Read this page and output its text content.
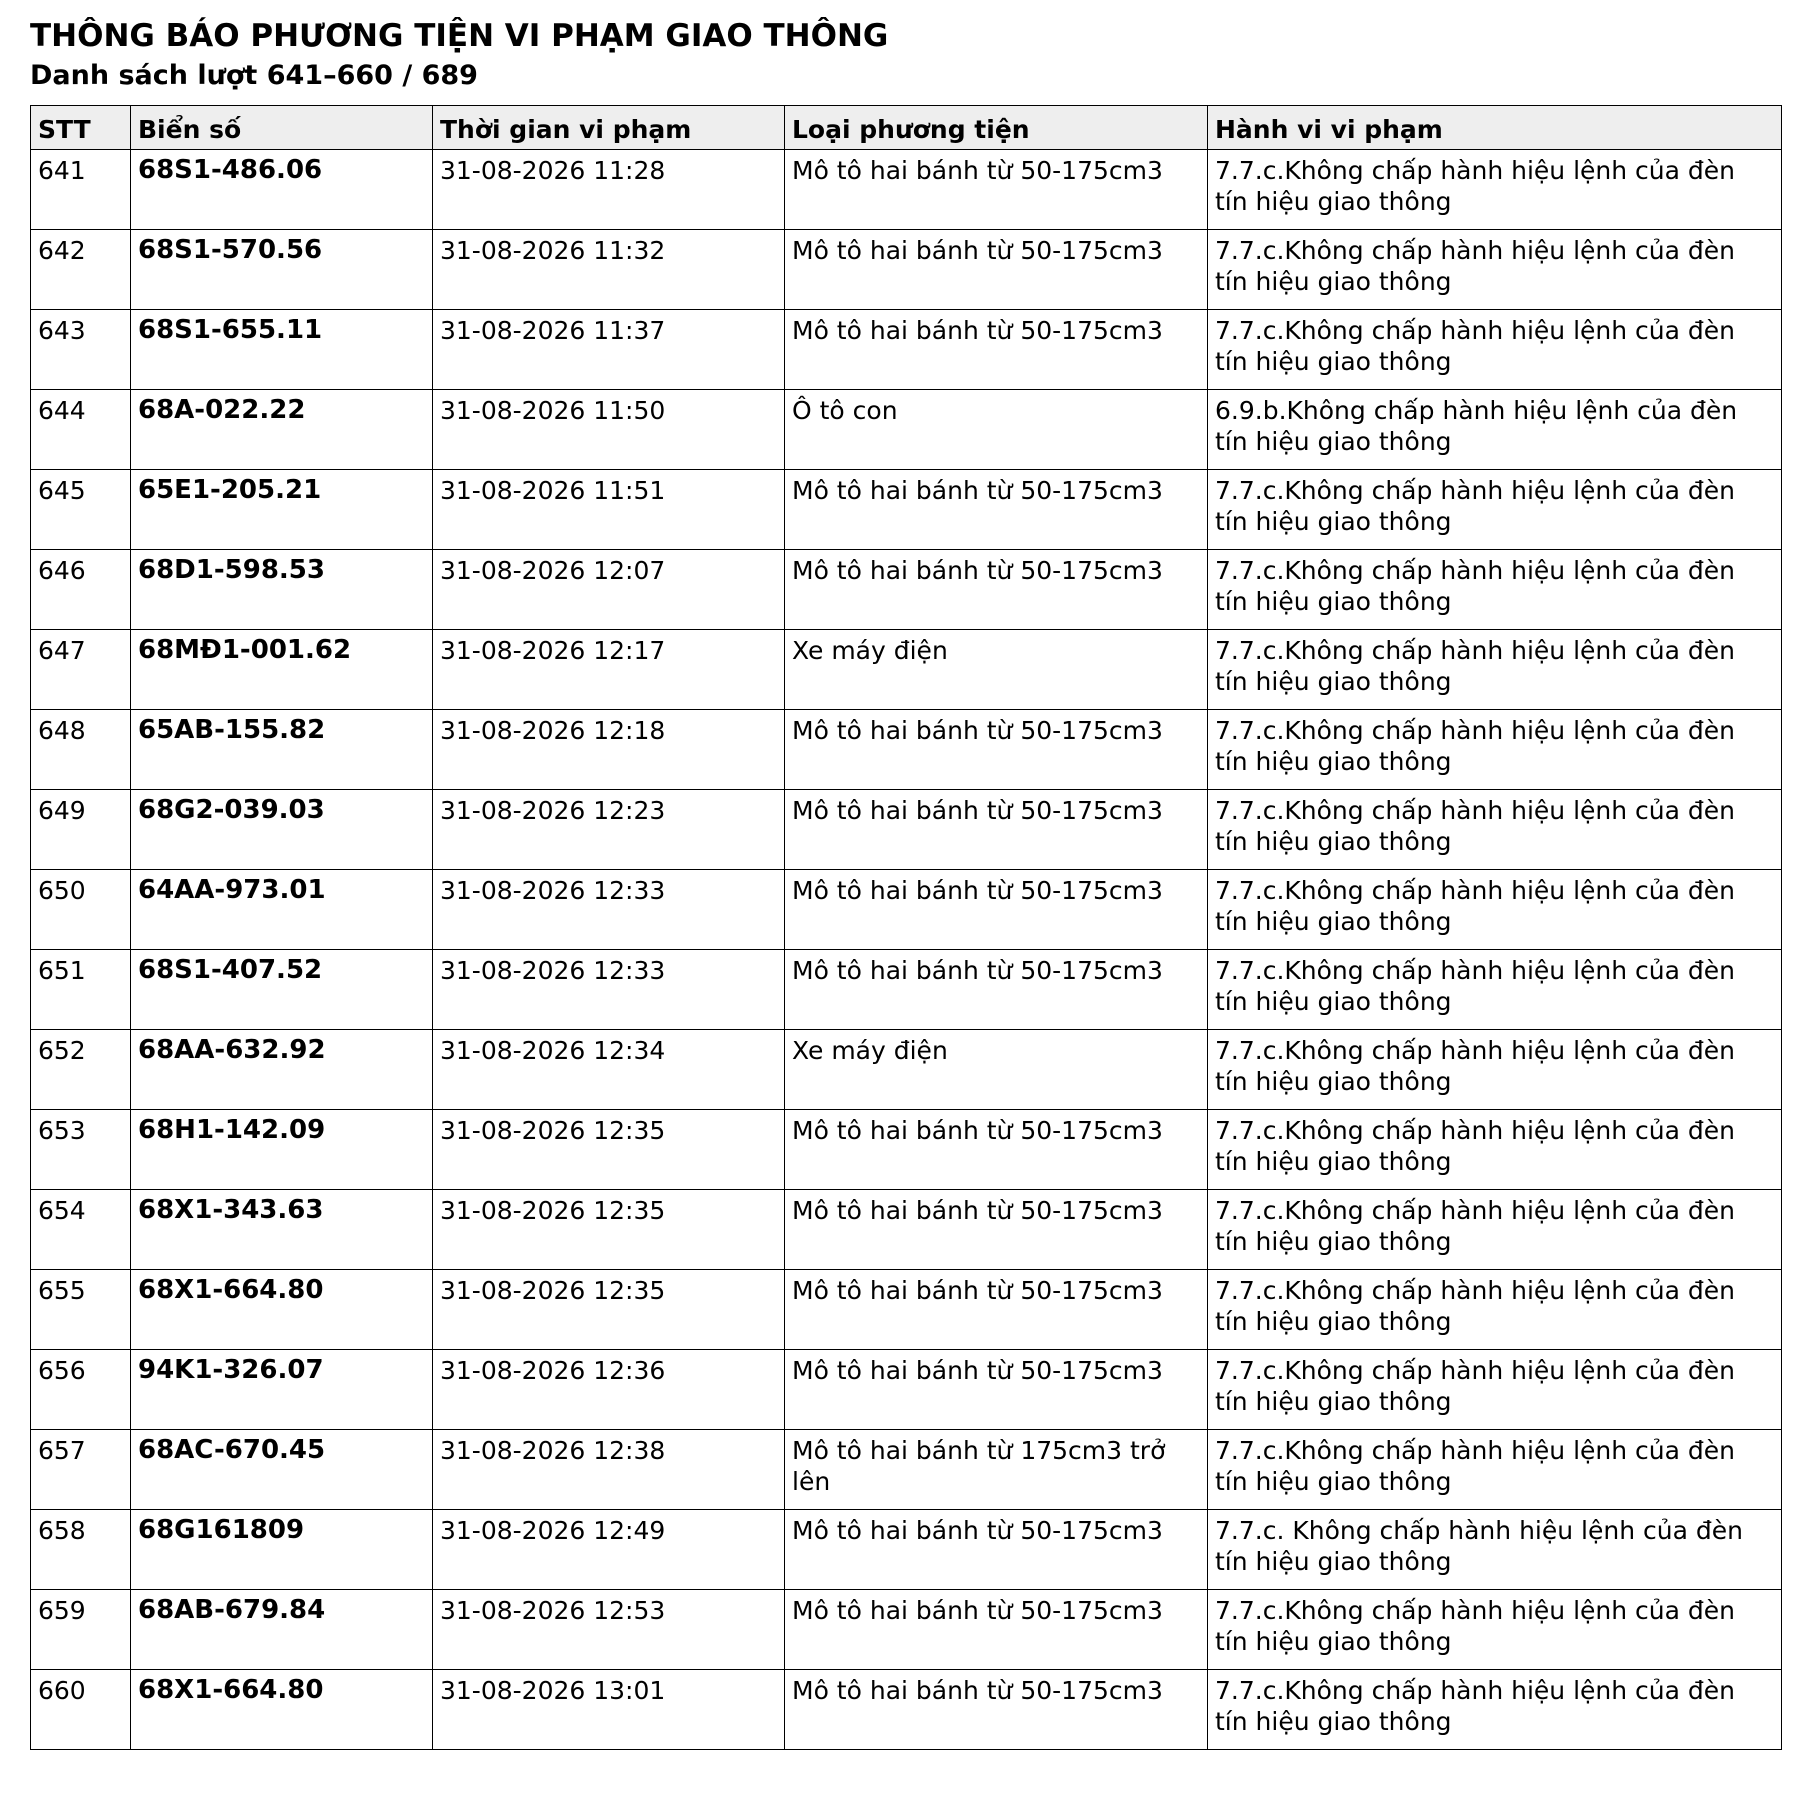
THÔNG BÁO PHƯƠNG TIỆN VI PHẠM GIAO THÔNG
Danh sách lượt 641–660 / 689
STT	Biển số	Thời gian vi phạm	Loại phương tiện	Hành vi vi phạm
641	68S1-486.06	31-08-2026 11:28	Mô tô hai bánh từ 50-175cm3	7.7.c.Không chấp hành hiệu lệnh của đèn tín hiệu giao thông
642	68S1-570.56	31-08-2026 11:32	Mô tô hai bánh từ 50-175cm3	7.7.c.Không chấp hành hiệu lệnh của đèn tín hiệu giao thông
643	68S1-655.11	31-08-2026 11:37	Mô tô hai bánh từ 50-175cm3	7.7.c.Không chấp hành hiệu lệnh của đèn tín hiệu giao thông
644	68A-022.22	31-08-2026 11:50	Ô tô con	6.9.b.Không chấp hành hiệu lệnh của đèn tín hiệu giao thông
645	65E1-205.21	31-08-2026 11:51	Mô tô hai bánh từ 50-175cm3	7.7.c.Không chấp hành hiệu lệnh của đèn tín hiệu giao thông
646	68D1-598.53	31-08-2026 12:07	Mô tô hai bánh từ 50-175cm3	7.7.c.Không chấp hành hiệu lệnh của đèn tín hiệu giao thông
647	68MĐ1-001.62	31-08-2026 12:17	Xe máy điện	7.7.c.Không chấp hành hiệu lệnh của đèn tín hiệu giao thông
648	65AB-155.82	31-08-2026 12:18	Mô tô hai bánh từ 50-175cm3	7.7.c.Không chấp hành hiệu lệnh của đèn tín hiệu giao thông
649	68G2-039.03	31-08-2026 12:23	Mô tô hai bánh từ 50-175cm3	7.7.c.Không chấp hành hiệu lệnh của đèn tín hiệu giao thông
650	64AA-973.01	31-08-2026 12:33	Mô tô hai bánh từ 50-175cm3	7.7.c.Không chấp hành hiệu lệnh của đèn tín hiệu giao thông
651	68S1-407.52	31-08-2026 12:33	Mô tô hai bánh từ 50-175cm3	7.7.c.Không chấp hành hiệu lệnh của đèn tín hiệu giao thông
652	68AA-632.92	31-08-2026 12:34	Xe máy điện	7.7.c.Không chấp hành hiệu lệnh của đèn tín hiệu giao thông
653	68H1-142.09	31-08-2026 12:35	Mô tô hai bánh từ 50-175cm3	7.7.c.Không chấp hành hiệu lệnh của đèn tín hiệu giao thông
654	68X1-343.63	31-08-2026 12:35	Mô tô hai bánh từ 50-175cm3	7.7.c.Không chấp hành hiệu lệnh của đèn tín hiệu giao thông
655	68X1-664.80	31-08-2026 12:35	Mô tô hai bánh từ 50-175cm3	7.7.c.Không chấp hành hiệu lệnh của đèn tín hiệu giao thông
656	94K1-326.07	31-08-2026 12:36	Mô tô hai bánh từ 50-175cm3	7.7.c.Không chấp hành hiệu lệnh của đèn tín hiệu giao thông
657	68AC-670.45	31-08-2026 12:38	Mô tô hai bánh từ 175cm3 trở lên	7.7.c.Không chấp hành hiệu lệnh của đèn tín hiệu giao thông
658	68G161809	31-08-2026 12:49	Mô tô hai bánh từ 50-175cm3	7.7.c. Không chấp hành hiệu lệnh của đèn tín hiệu giao thông
659	68AB-679.84	31-08-2026 12:53	Mô tô hai bánh từ 50-175cm3	7.7.c.Không chấp hành hiệu lệnh của đèn tín hiệu giao thông
660	68X1-664.80	31-08-2026 13:01	Mô tô hai bánh từ 50-175cm3	7.7.c.Không chấp hành hiệu lệnh của đèn tín hiệu giao thông
